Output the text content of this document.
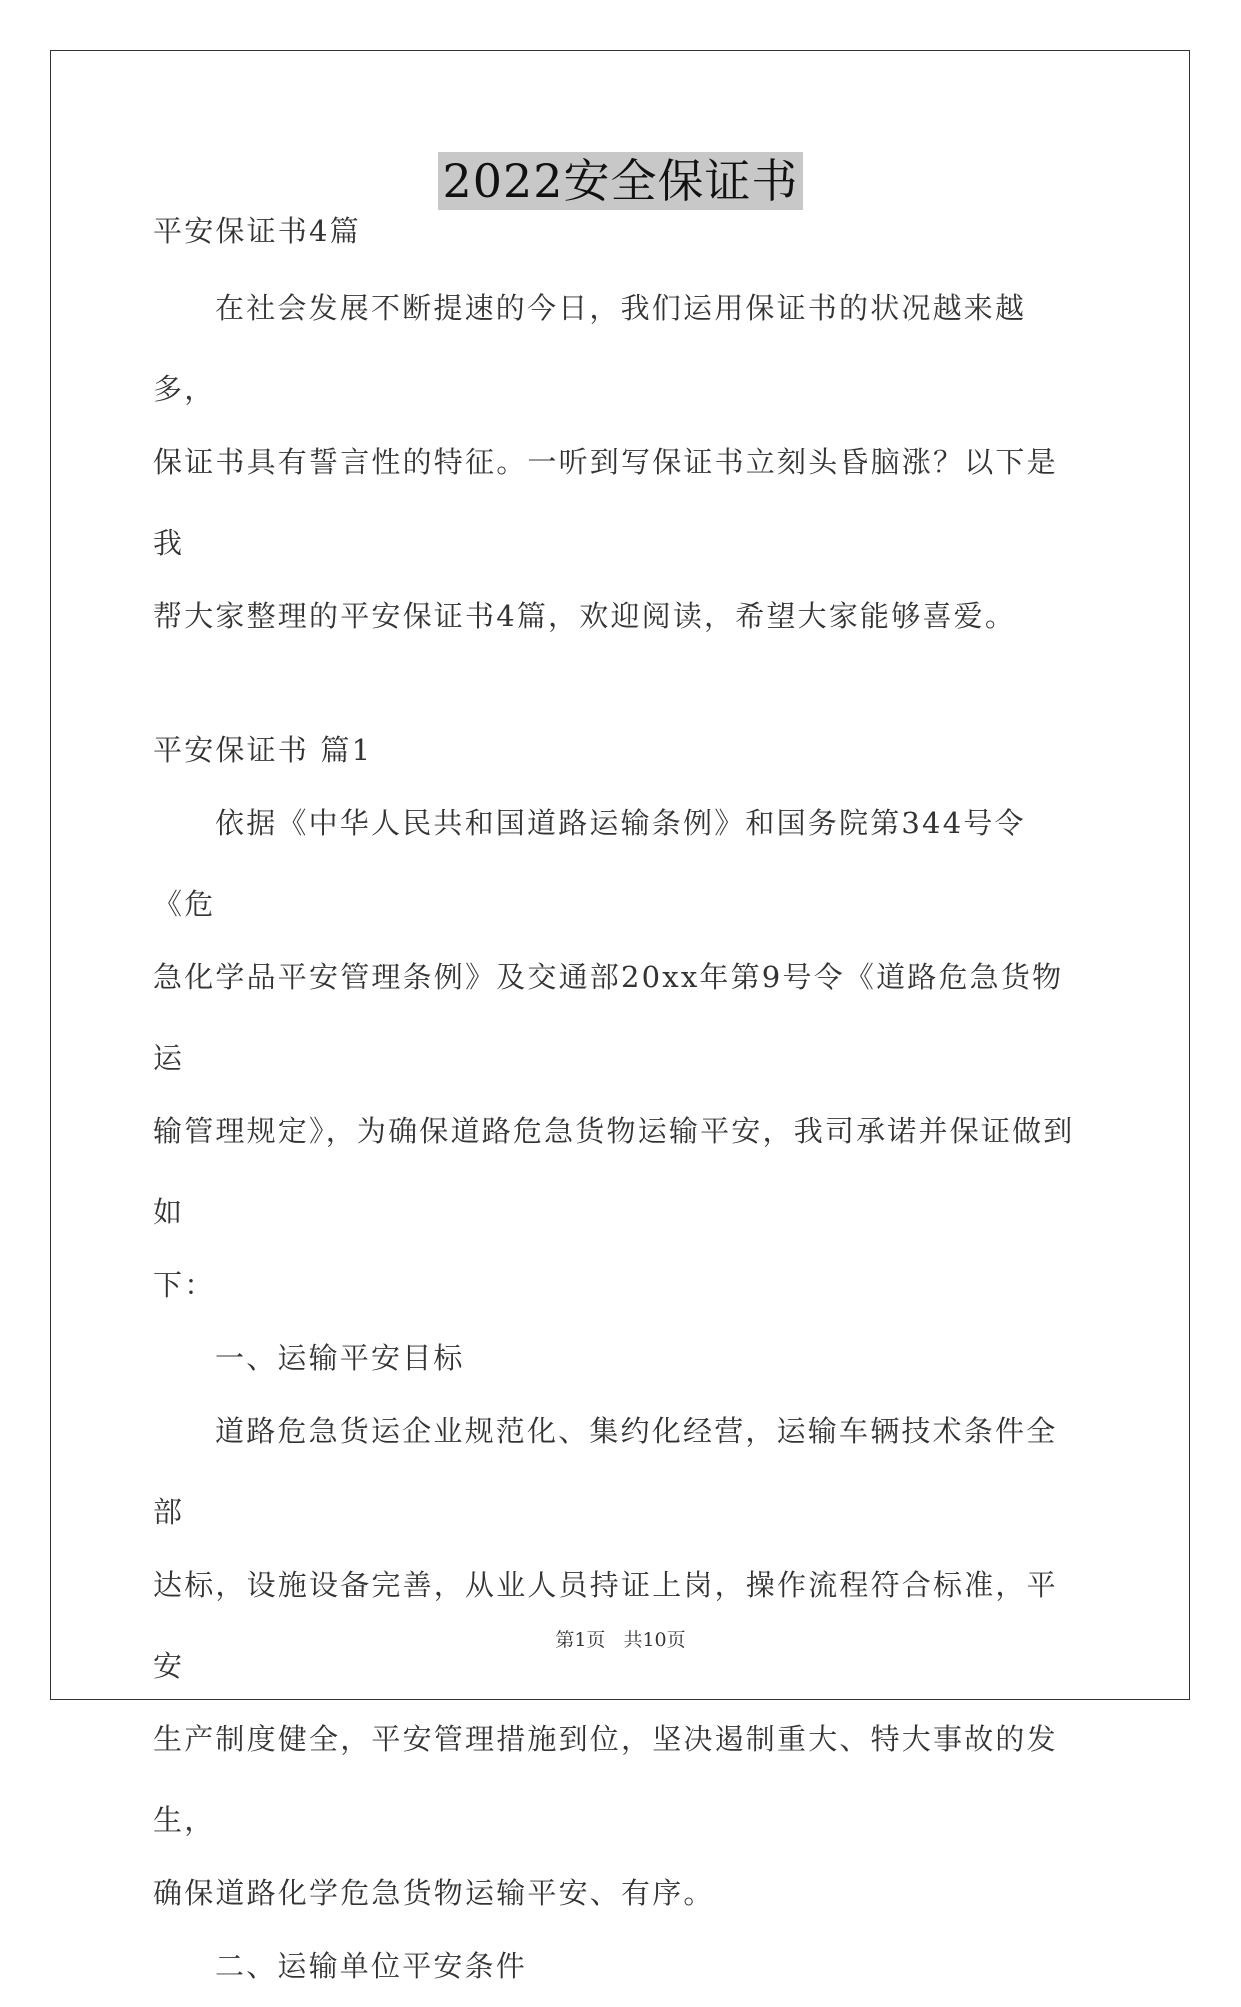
2022安全保证书

平安保证书4篇

在社会发展不断提速的今日，我们运用保证书的状况越来越多，

保证书具有誓言性的特征。一听到写保证书立刻头昏脑涨？以下是我

帮大家整理的平安保证书4篇，欢迎阅读，希望大家能够喜爱。

平安保证书 篇1

依据《中华人民共和国道路运输条例》和国务院第344号令《危

急化学品平安管理条例》及交通部20xx年第9号令《道路危急货物运

输管理规定》，为确保道路危急货物运输平安，我司承诺并保证做到如

下：

一、运输平安目标

道路危急货运企业规范化、集约化经营，运输车辆技术条件全部

达标，设施设备完善，从业人员持证上岗，操作流程符合标准，平安

生产制度健全，平安管理措施到位，坚决遏制重大、特大事故的发生，

确保道路化学危急货物运输平安、有序。

二、运输单位平安条件

第1页 共10页
